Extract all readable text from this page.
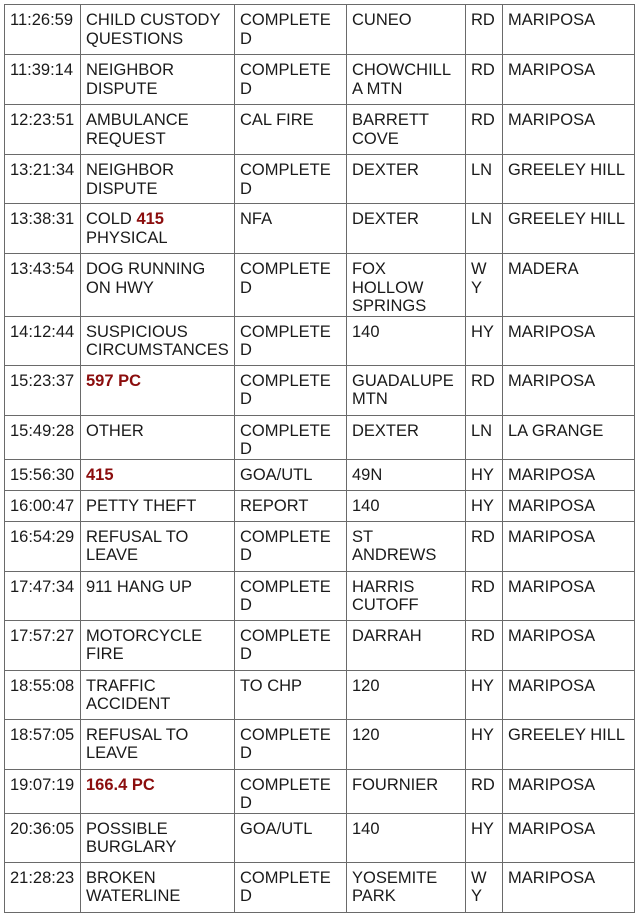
11:26:59	CHILD CUSTODY QUESTIONS	COMPLETED	CUNEO	RD	MARIPOSA
11:39:14	NEIGHBOR DISPUTE	COMPLETED	CHOWCHILLA MTN	RD	MARIPOSA
12:23:51	AMBULANCE REQUEST	CAL FIRE	BARRETT COVE	RD	MARIPOSA
13:21:34	NEIGHBOR DISPUTE	COMPLETED	DEXTER	LN	GREELEY HILL
13:38:31	COLD 415 PHYSICAL	NFA	DEXTER	LN	GREELEY HILL
13:43:54	DOG RUNNING ON HWY	COMPLETED	FOX HOLLOW SPRINGS	WY	MADERA
14:12:44	SUSPICIOUS CIRCUMSTANCES	COMPLETED	140	HY	MARIPOSA
15:23:37	597 PC	COMPLETED	GUADALUPE MTN	RD	MARIPOSA
15:49:28	OTHER	COMPLETED	DEXTER	LN	LA GRANGE
15:56:30	415	GOA/UTL	49N	HY	MARIPOSA
16:00:47	PETTY THEFT	REPORT	140	HY	MARIPOSA
16:54:29	REFUSAL TO LEAVE	COMPLETED	ST ANDREWS	RD	MARIPOSA
17:47:34	911 HANG UP	COMPLETED	HARRIS CUTOFF	RD	MARIPOSA
17:57:27	MOTORCYCLE FIRE	COMPLETED	DARRAH	RD	MARIPOSA
18:55:08	TRAFFIC ACCIDENT	TO CHP	120	HY	MARIPOSA
18:57:05	REFUSAL TO LEAVE	COMPLETED	120	HY	GREELEY HILL
19:07:19	166.4 PC	COMPLETED	FOURNIER	RD	MARIPOSA
20:36:05	POSSIBLE BURGLARY	GOA/UTL	140	HY	MARIPOSA
21:28:23	BROKEN WATERLINE	COMPLETED	YOSEMITE PARK	WY	MARIPOSA
